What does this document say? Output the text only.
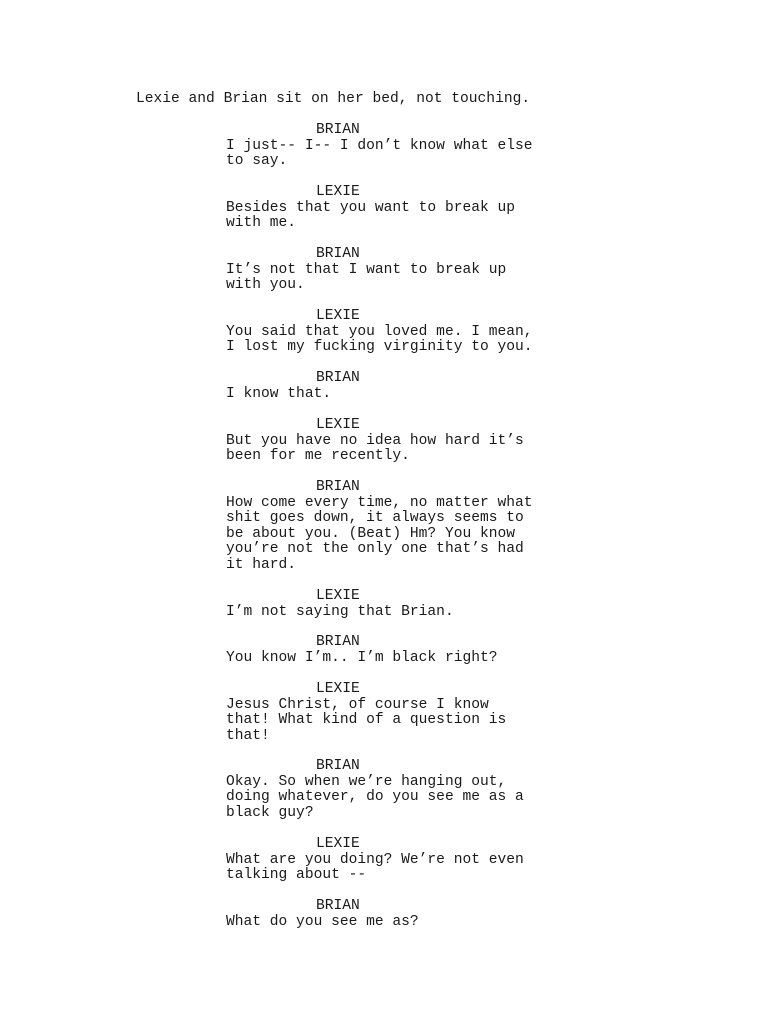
Lexie and Brian sit on her bed, not touching.
BRIAN
I just-- I-- I don’t know what else
to say.
LEXIE
Besides that you want to break up
with me.
BRIAN
It’s not that I want to break up
with you.
LEXIE
You said that you loved me. I mean,
I lost my fucking virginity to you.
BRIAN
I know that.
LEXIE
But you have no idea how hard it’s
been for me recently.
BRIAN
How come every time, no matter what
shit goes down, it always seems to
be about you. (Beat) Hm? You know
you’re not the only one that’s had
it hard.
LEXIE
I’m not saying that Brian.
BRIAN
You know I’m.. I’m black right?
LEXIE
Jesus Christ, of course I know
that! What kind of a question is
that!
BRIAN
Okay. So when we’re hanging out,
doing whatever, do you see me as a
black guy?
LEXIE
What are you doing? We’re not even
talking about --
BRIAN
What do you see me as?
